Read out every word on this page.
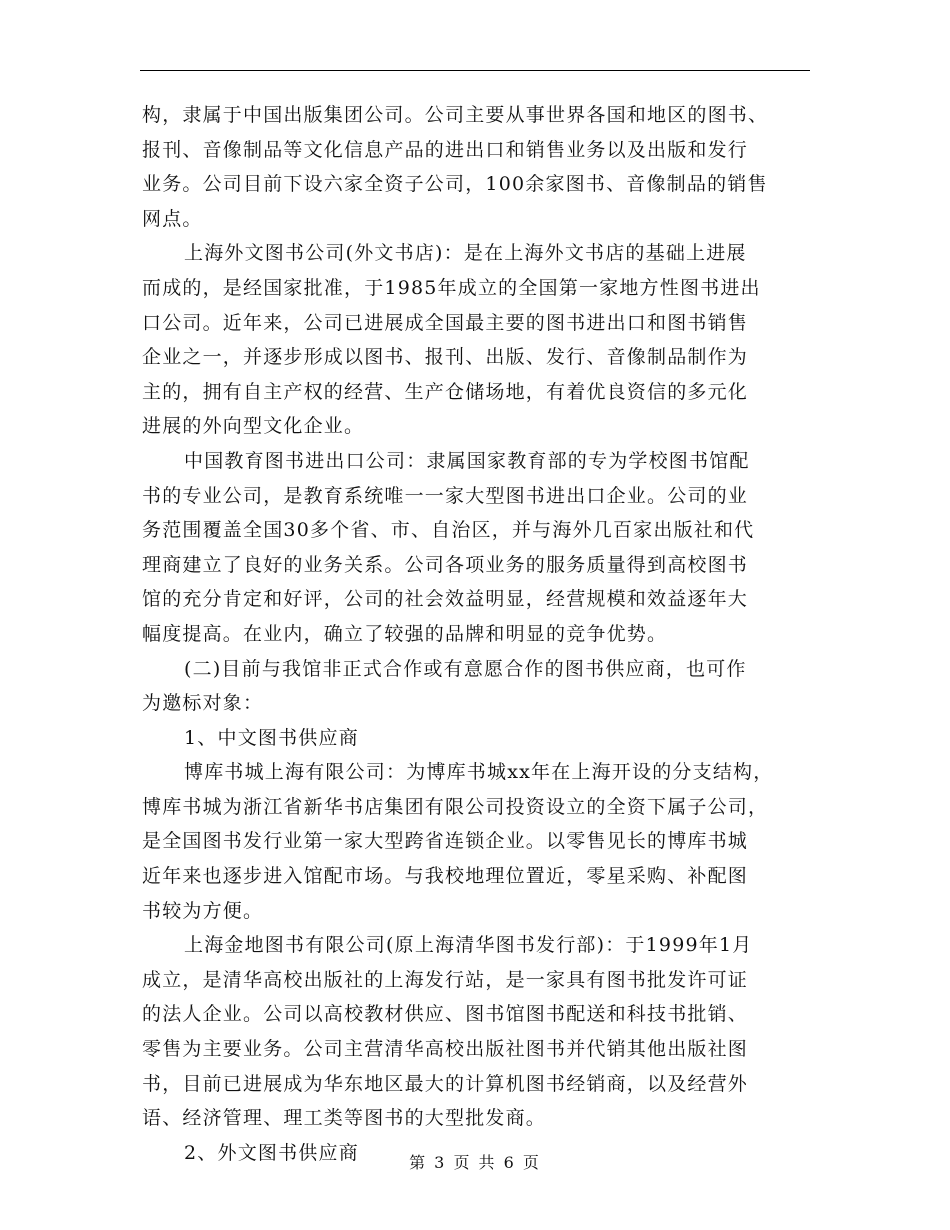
构，隶属于中国出版集团公司。公司主要从事世界各国和地区的图书、
报刊、音像制品等文化信息产品的进出口和销售业务以及出版和发行
业务。公司目前下设六家全资子公司，100余家图书、音像制品的销售
网点。
上海外文图书公司(外文书店)：是在上海外文书店的基础上进展
而成的，是经国家批准，于1985年成立的全国第一家地方性图书进出
口公司。近年来，公司已进展成全国最主要的图书进出口和图书销售
企业之一，并逐步形成以图书、报刊、出版、发行、音像制品制作为
主的，拥有自主产权的经营、生产仓储场地，有着优良资信的多元化
进展的外向型文化企业。
中国教育图书进出口公司：隶属国家教育部的专为学校图书馆配
书的专业公司，是教育系统唯一一家大型图书进出口企业。公司的业
务范围覆盖全国30多个省、市、自治区，并与海外几百家出版社和代
理商建立了良好的业务关系。公司各项业务的服务质量得到高校图书
馆的充分肯定和好评，公司的社会效益明显，经营规模和效益逐年大
幅度提高。在业内，确立了较强的品牌和明显的竞争优势。
(二)目前与我馆非正式合作或有意愿合作的图书供应商，也可作
为邀标对象：
1、中文图书供应商
博库书城上海有限公司：为博库书城xx年在上海开设的分支结构，
博库书城为浙江省新华书店集团有限公司投资设立的全资下属子公司，
是全国图书发行业第一家大型跨省连锁企业。以零售见长的博库书城
近年来也逐步进入馆配市场。与我校地理位置近，零星采购、补配图
书较为方便。
上海金地图书有限公司(原上海清华图书发行部)：于1999年1月
成立，是清华高校出版社的上海发行站，是一家具有图书批发许可证
的法人企业。公司以高校教材供应、图书馆图书配送和科技书批销、
零售为主要业务。公司主营清华高校出版社图书并代销其他出版社图
书，目前已进展成为华东地区最大的计算机图书经销商，以及经营外
语、经济管理、理工类等图书的大型批发商。
2、外文图书供应商	第 3 页 共 6 页
